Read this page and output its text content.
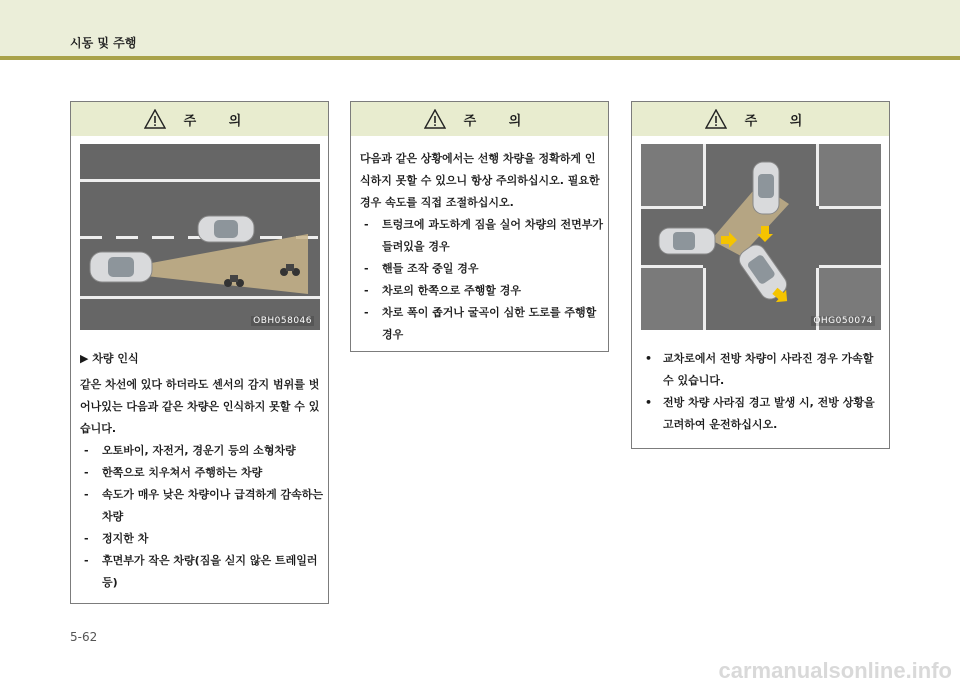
시동 및 주행
주 의
OBH058046

▶ 차량 인식

같은 차선에 있다 하더라도 센서의 감지 범위를 벗어나있는 다음과 같은 차량은 인식하지 못할 수 있습니다.

- 오토바이, 자전거, 경운기 등의 소형차량
- 한쪽으로 치우쳐서 주행하는 차량
- 속도가 매우 낮은 차량이나 급격하게 감속하는 차량
- 정지한 차
- 후면부가 작은 차량(짐을 싣지 않은 트레일러 등)
주 의

다음과 같은 상황에서는 선행 차량을 정확하게 인식하지 못할 수 있으니 항상 주의하십시오. 필요한 경우 속도를 직접 조절하십시오.

- 트렁크에 과도하게 짐을 실어 차량의 전면부가 들려있을 경우
- 핸들 조작 중일 경우
- 차로의 한쪽으로 주행할 경우
- 차로 폭이 좁거나 굴곡이 심한 도로를 주행할 경우
주 의
OHG050074
• 교차로에서 전방 차량이 사라진 경우 가속할 수 있습니다.
• 전방 차량 사라짐 경고 발생 시, 전방 상황을 고려하여 운전하십시오.
5-62
carmanualsonline.info
